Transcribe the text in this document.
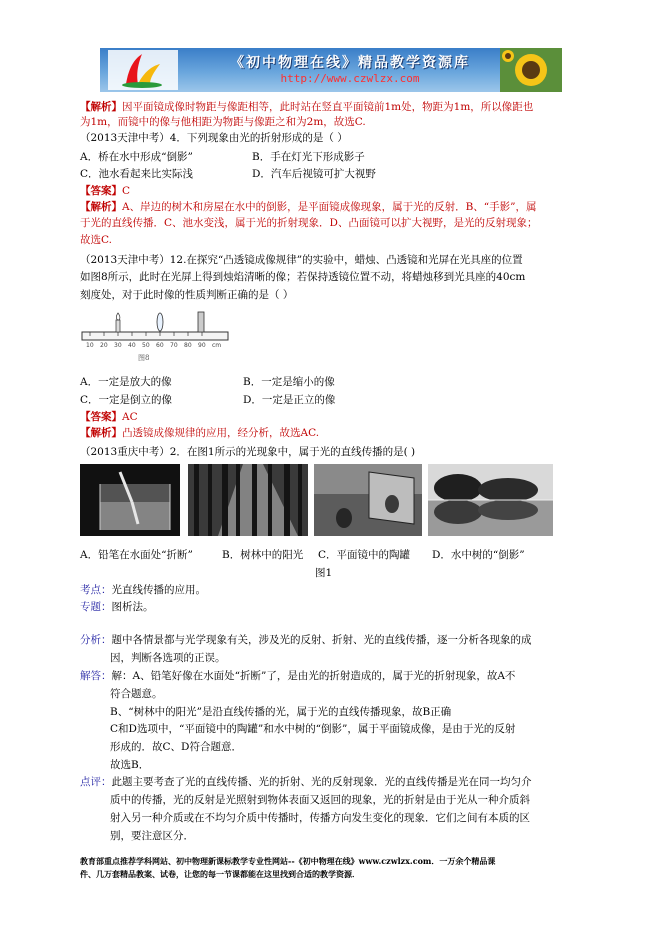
《初中物理在线》精品教学资源库
http://www.czwlzx.com
【解析】因平面镜成像时物距与像距相等，此时站在竖直平面镜前1m处，物距为1m，所以像距也
为1m，而镜中的像与他相距为物距与像距之和为2m，故选C.
（2013天津中考）4．下列现象由光的折射形成的是（ ）
A．桥在水中形成“倒影”	B．手在灯光下形成影子
C．池水看起来比实际浅	D．汽车后视镜可扩大视野
【答案】C
【解析】A、岸边的树木和房屋在水中的倒影，是平面镜成像现象，属于光的反射．B、“手影”，属
于光的直线传播．C、池水变浅，属于光的折射现象．D、凸面镜可以扩大视野，是光的反射现象；
故选C.
（2013天津中考）12.在探究“凸透镜成像规律”的实验中，蜡烛、凸透镜和光屏在光具座的位置
如图8所示，此时在光屏上得到烛焰清晰的像；若保持透镜位置不动，将蜡烛移到光具座的40cm
刻度处，对于此时像的性质判断正确的是（ ）
10 20 30 40 50 60 70 80 90 cm
图8
A．一定是放大的像	B．一定是缩小的像
C．一定是倒立的像	D．一定是正立的像
【答案】AC
【解析】凸透镜成像规律的应用，经分析，故选AC.
（2013重庆中考）2．在图1所示的光现象中，属于光的直线传播的是( )
A．铅笔在水面处“折断”	B．树林中的阳光 C．平面镜中的陶罐 D．水中树的“倒影”
图1
考点：光直线传播的应用。
专题：图析法。
分析：题中各情景都与光学现象有关，涉及光的反射、折射、光的直线传播，逐一分析各现象的成
因，判断各选项的正误。
解答：解：A、铅笔好像在水面处“折断”了，是由光的折射造成的，属于光的折射现象，故A不
符合题意。
B、“树林中的阳光”是沿直线传播的光，属于光的直线传播现象，故B正确
C和D选项中，“平面镜中的陶罐”和水中树的“倒影”，属于平面镜成像，是由于光的反射
形成的．故C、D符合题意．
故选B．
点评：此题主要考查了光的直线传播、光的折射、光的反射现象．光的直线传播是光在同一均匀介
质中的传播，光的反射是光照射到物体表面又返回的现象，光的折射是由于光从一种介质斜
射入另一种介质或在不均匀介质中传播时，传播方向发生变化的现象．它们之间有本质的区
别，要注意区分．
教育部重点推荐学科网站、初中物理新课标教学专业性网站--《初中物理在线》www.czwlzx.com．一万余个精品课
件、几万套精品教案、试卷，让您的每一节课都能在这里找到合适的教学资源．
